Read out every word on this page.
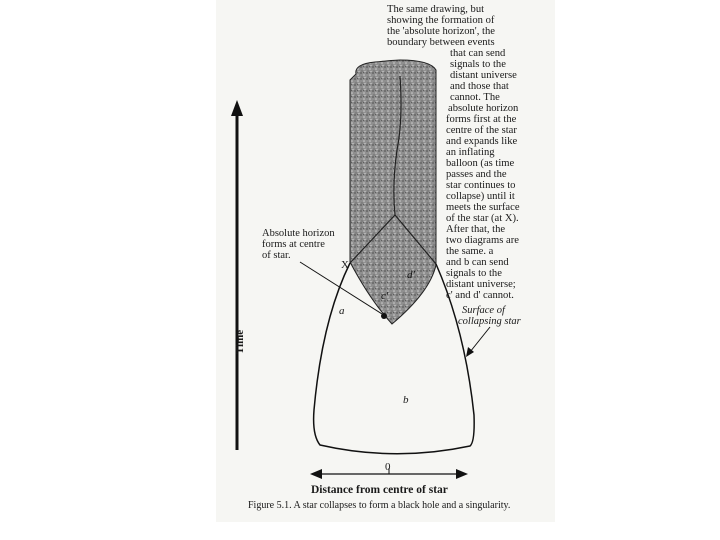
The same drawing, but
showing the formation of
the 'absolute horizon', the
boundary between events
that can send
signals to the
distant universe
and those that
cannot. The
absolute horizon
forms first at the
centre of the star
and expands like
an inflating
balloon (as time
passes and the
star continues to
collapse) until it
meets the surface
of the star (at X).
After that, the
two diagrams are
the same. a
and b can send
signals to the
distant universe;
c' and d' cannot.
Absolute horizon
forms at centre
of star.
Surface of
collapsing star
X
a
b
c'
d'
Time
0
Distance from centre of star
Figure 5.1. A star collapses to form a black hole and a singularity.
